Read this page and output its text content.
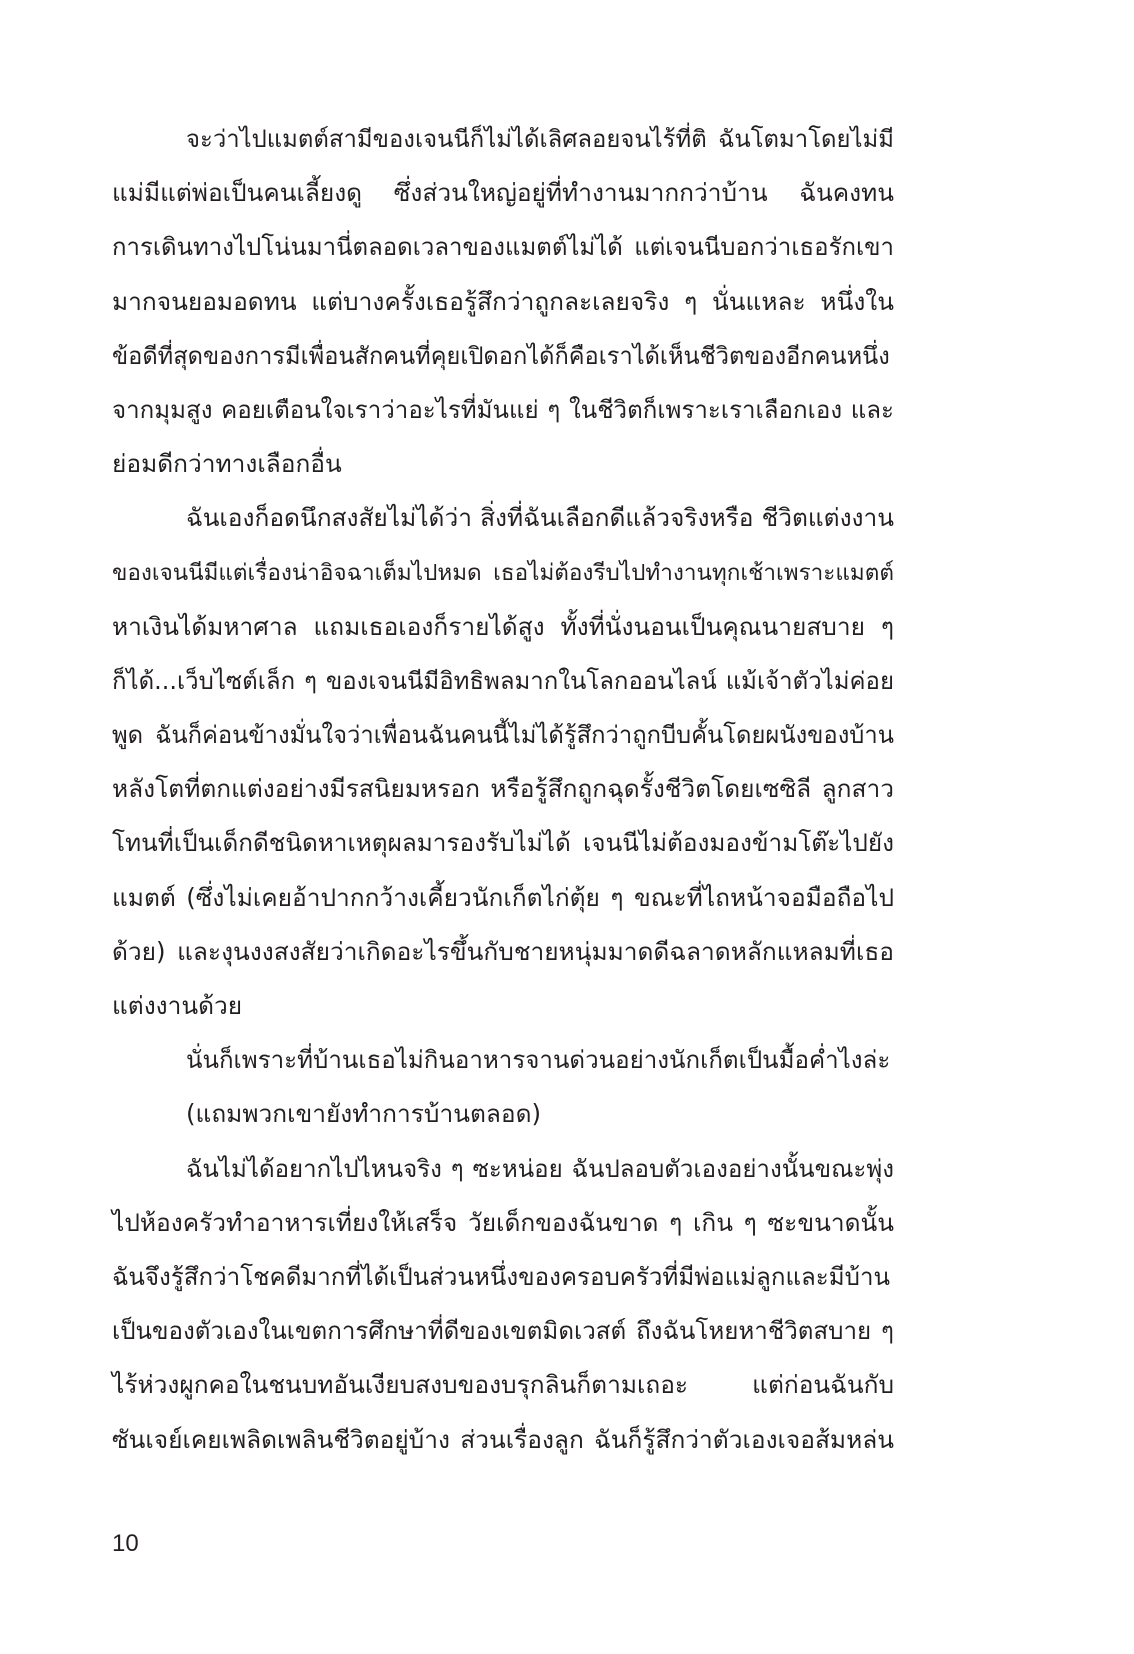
จะว่าไปแมตต์สามีของเจนนีก็ไม่ได้เลิศลอยจนไร้ที่ติ ฉันโตมาโดยไม่มี
แม่มีแต่พ่อเป็นคนเลี้ยงดู ซึ่งส่วนใหญ่อยู่ที่ทำงานมากกว่าบ้าน ฉันคงทน
การเดินทางไปโน่นมานี่ตลอดเวลาของแมตต์ไม่ได้ แต่เจนนีบอกว่าเธอรักเขา
มากจนยอมอดทน แต่บางครั้งเธอรู้สึกว่าถูกละเลยจริง ๆ นั่นแหละ หนึ่งใน
ข้อดีที่สุดของการมีเพื่อนสักคนที่คุยเปิดอกได้ก็คือเราได้เห็นชีวิตของอีกคนหนึ่ง
จากมุมสูง คอยเตือนใจเราว่าอะไรที่มันแย่ ๆ ในชีวิตก็เพราะเราเลือกเอง และ
ย่อมดีกว่าทางเลือกอื่น
ฉันเองก็อดนึกสงสัยไม่ได้ว่า สิ่งที่ฉันเลือกดีแล้วจริงหรือ ชีวิตแต่งงาน
ของเจนนีมีแต่เรื่องน่าอิจฉาเต็มไปหมด เธอไม่ต้องรีบไปทำงานทุกเช้าเพราะแมตต์
หาเงินได้มหาศาล แถมเธอเองก็รายได้สูง ทั้งที่นั่งนอนเป็นคุณนายสบาย ๆ
ก็ได้...เว็บไซต์เล็ก ๆ ของเจนนีมีอิทธิพลมากในโลกออนไลน์ แม้เจ้าตัวไม่ค่อย
พูด ฉันก็ค่อนข้างมั่นใจว่าเพื่อนฉันคนนี้ไม่ได้รู้สึกว่าถูกบีบคั้นโดยผนังของบ้าน
หลังโตที่ตกแต่งอย่างมีรสนิยมหรอก หรือรู้สึกถูกฉุดรั้งชีวิตโดยเซซิลี ลูกสาว
โทนที่เป็นเด็กดีชนิดหาเหตุผลมารองรับไม่ได้ เจนนีไม่ต้องมองข้ามโต๊ะไปยัง
แมตต์ (ซึ่งไม่เคยอ้าปากกว้างเคี้ยวนักเก็ตไก่ตุ้ย ๆ ขณะที่ไถหน้าจอมือถือไป
ด้วย) และงุนงงสงสัยว่าเกิดอะไรขึ้นกับชายหนุ่มมาดดีฉลาดหลักแหลมที่เธอ
แต่งงานด้วย
นั่นก็เพราะที่บ้านเธอไม่กินอาหารจานด่วนอย่างนักเก็ตเป็นมื้อค่ำไงล่ะ
(แถมพวกเขายังทำการบ้านตลอด)
ฉันไม่ได้อยากไปไหนจริง ๆ ซะหน่อย ฉันปลอบตัวเองอย่างนั้นขณะพุ่ง
ไปห้องครัวทำอาหารเที่ยงให้เสร็จ วัยเด็กของฉันขาด ๆ เกิน ๆ ซะขนาดนั้น
ฉันจึงรู้สึกว่าโชคดีมากที่ได้เป็นส่วนหนึ่งของครอบครัวที่มีพ่อแม่ลูกและมีบ้าน
เป็นของตัวเองในเขตการศึกษาที่ดีของเขตมิดเวสต์ ถึงฉันโหยหาชีวิตสบาย ๆ
ไร้ห่วงผูกคอในชนบทอันเงียบสงบของบรุกลินก็ตามเถอะ แต่ก่อนฉันกับ
ซันเจย์เคยเพลิดเพลินชีวิตอยู่บ้าง ส่วนเรื่องลูก ฉันก็รู้สึกว่าตัวเองเจอส้มหล่น
10
